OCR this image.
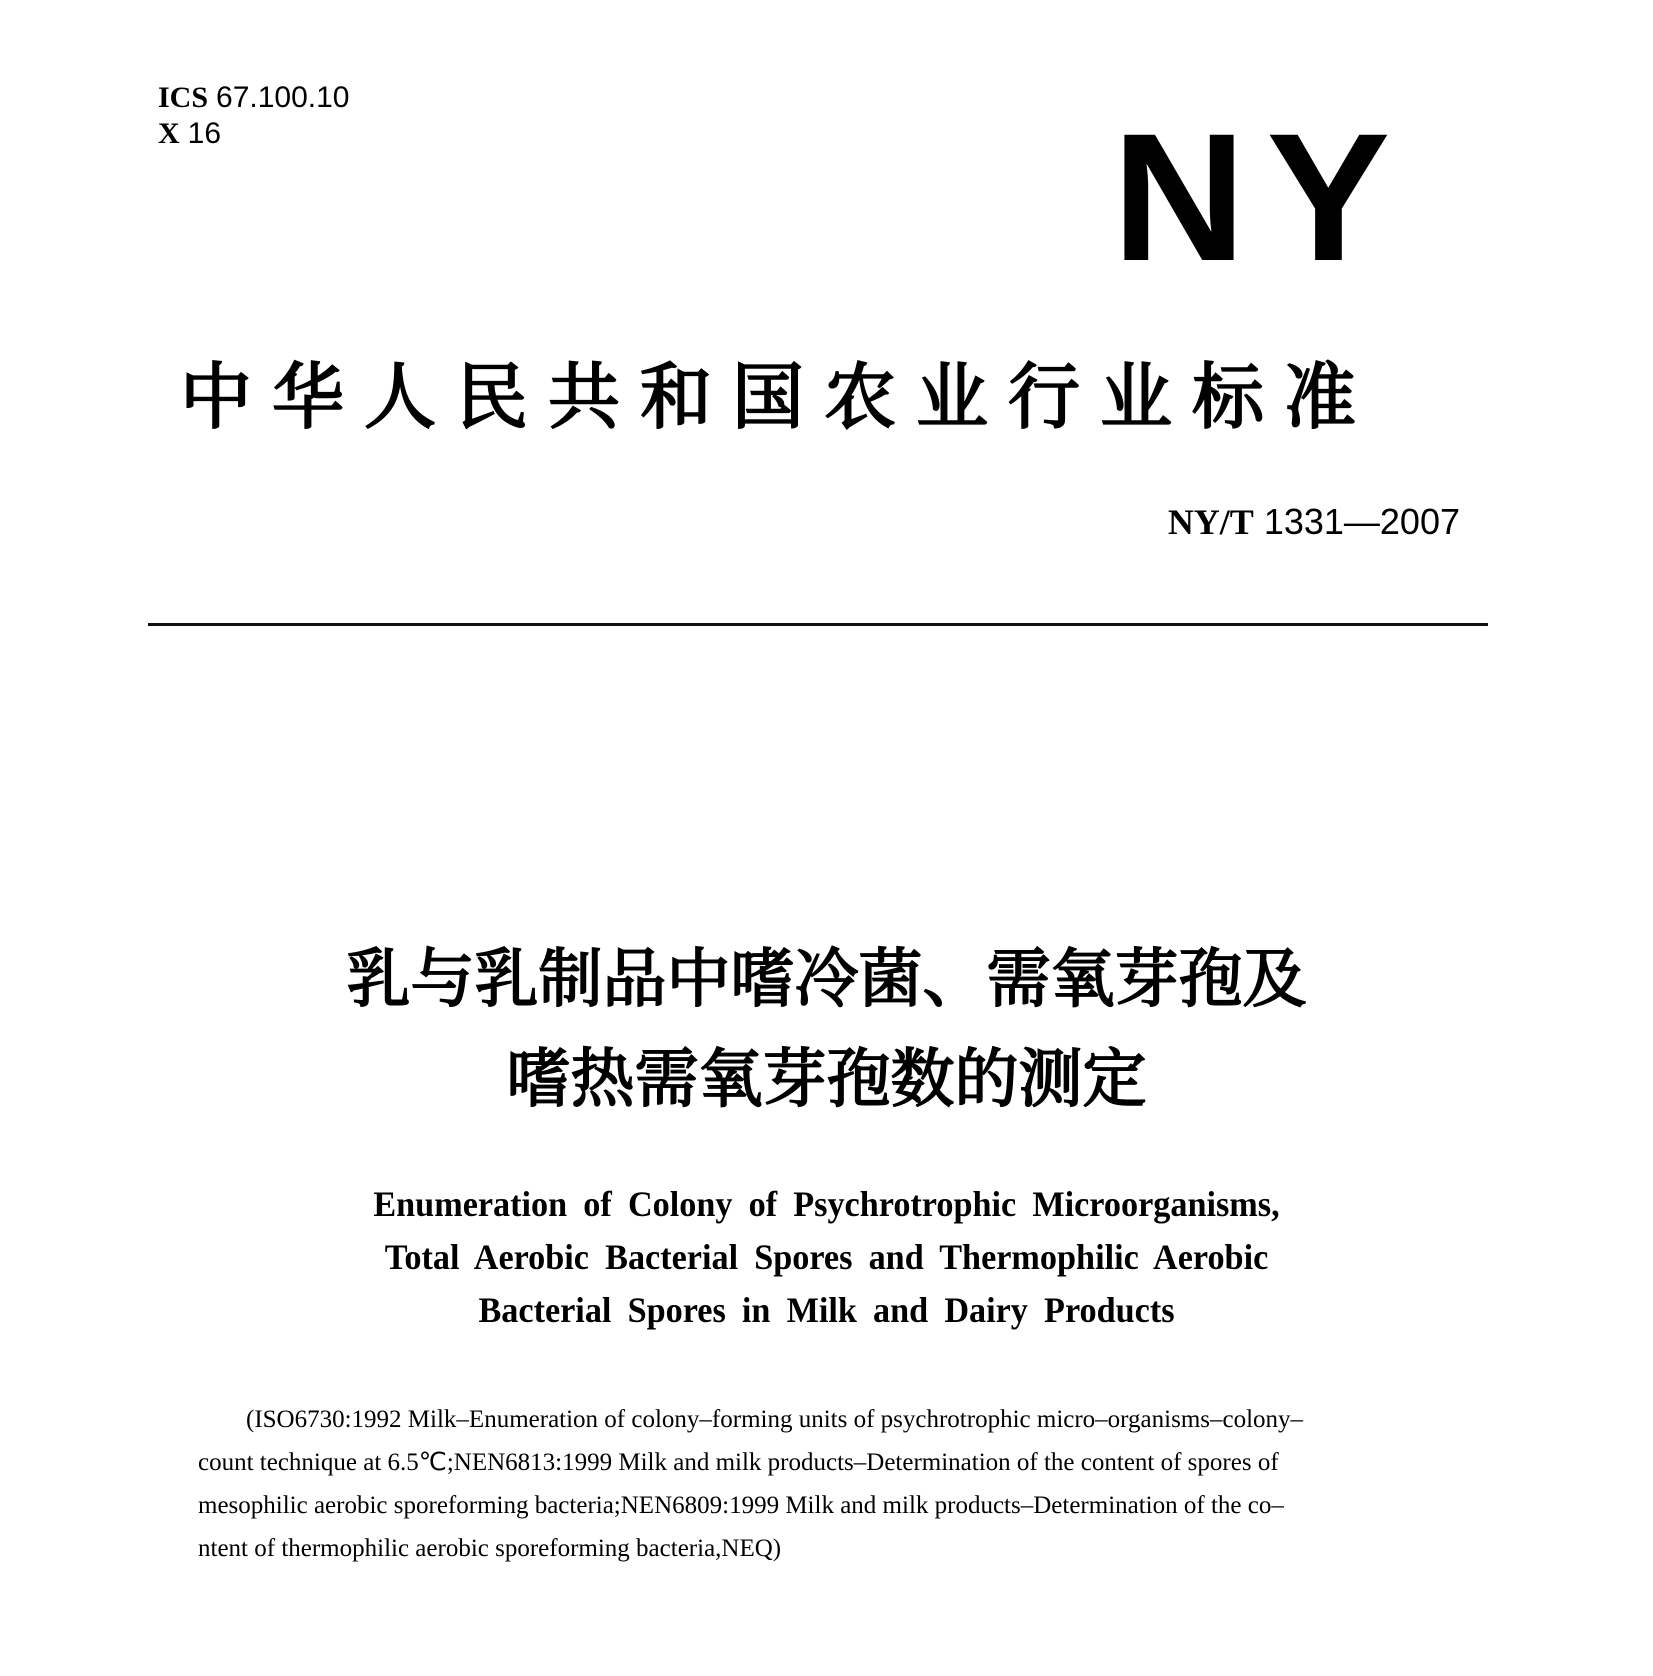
ICS 67.100.10
X 16	NY
中华人民共和国农业行业标准
NY/T 1331—2007
乳与乳制品中嗜冷菌、需氧芽孢及
嗜热需氧芽孢数的测定
Enumeration of Colony of Psychrotrophic Microorganisms,
Total Aerobic Bacterial Spores and Thermophilic Aerobic
Bacterial Spores in Milk and Dairy Products
(ISO6730:1992 Milk–Enumeration of colony–forming units of psychrotrophic micro–organisms–colony–
count technique at 6.5℃;NEN6813:1999 Milk and milk products–Determination of the content of spores of
mesophilic aerobic sporeforming bacteria;NEN6809:1999 Milk and milk products–Determination of the co–
ntent of thermophilic aerobic sporeforming bacteria,NEQ)
